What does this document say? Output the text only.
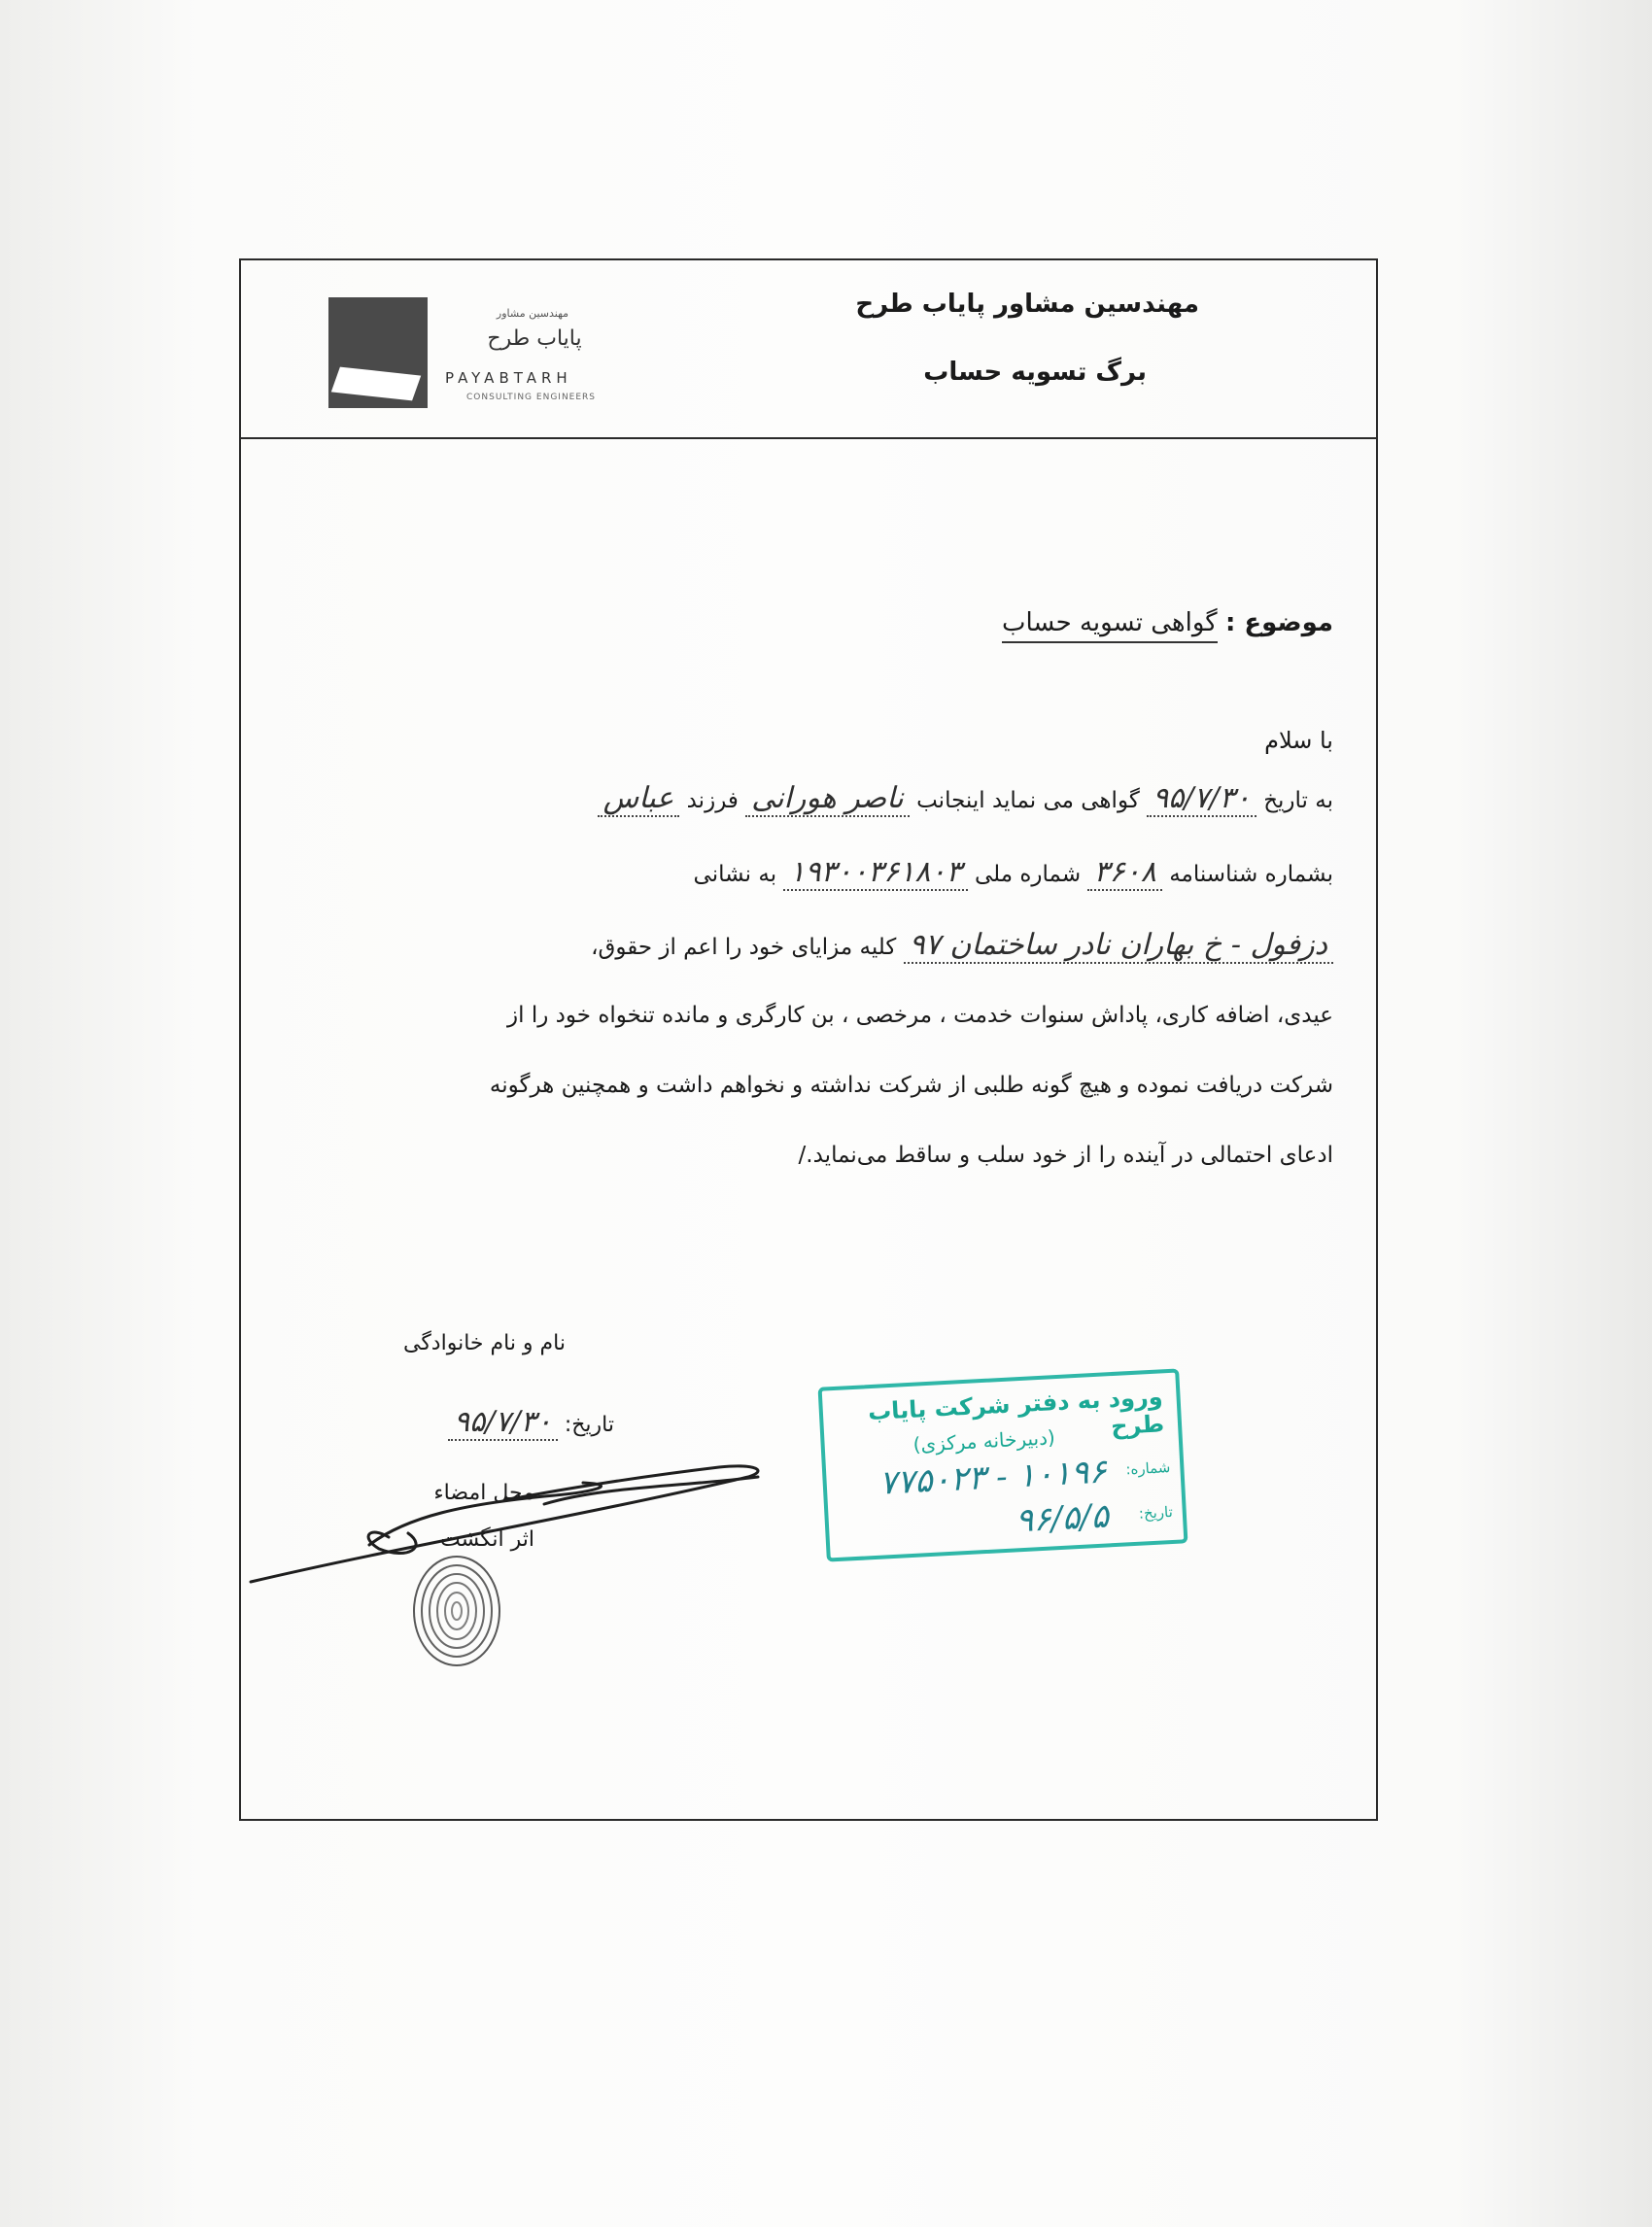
مهندسین مشاور پایاب طرح
برگ تسویه حساب
مهندسین مشاور
پایاب طرح
PAYABTARH
CONSULTING ENGINEERS
موضوع : گواهی تسویه حساب
با سلام
به تاریخ ۹۵/۷/۳۰ گواهی می نماید اینجانب ناصر هورانی فرزند عباس
بشماره شناسنامه ۳۶۰۸ شماره ملی ۱۹۳۰۰۳۶۱۸۰۳ به نشانی
دزفول - خ بهاران نادر ساختمان ۹۷ کلیه مزایای خود را اعم از حقوق،
عیدی، اضافه کاری، پاداش سنوات خدمت ، مرخصی ، بن کارگری و مانده تنخواه خود را از
شرکت دریافت نموده و هیچ گونه طلبی از شرکت نداشته و نخواهم داشت و همچنین هرگونه
ادعای احتمالی در آینده را از خود سلب و ساقط می‌نماید./
نام و نام خانوادگی
تاریخ: ۹۵/۷/۳۰
محل امضاء
اثر انگشت
ورود به دفتر شرکت پایاب طرح
(دبیرخانه مرکزی)
شماره:
۱۰۱۹۶ - ۷۷۵۰۲۳
تاریخ:
۹۶/۵/۵
